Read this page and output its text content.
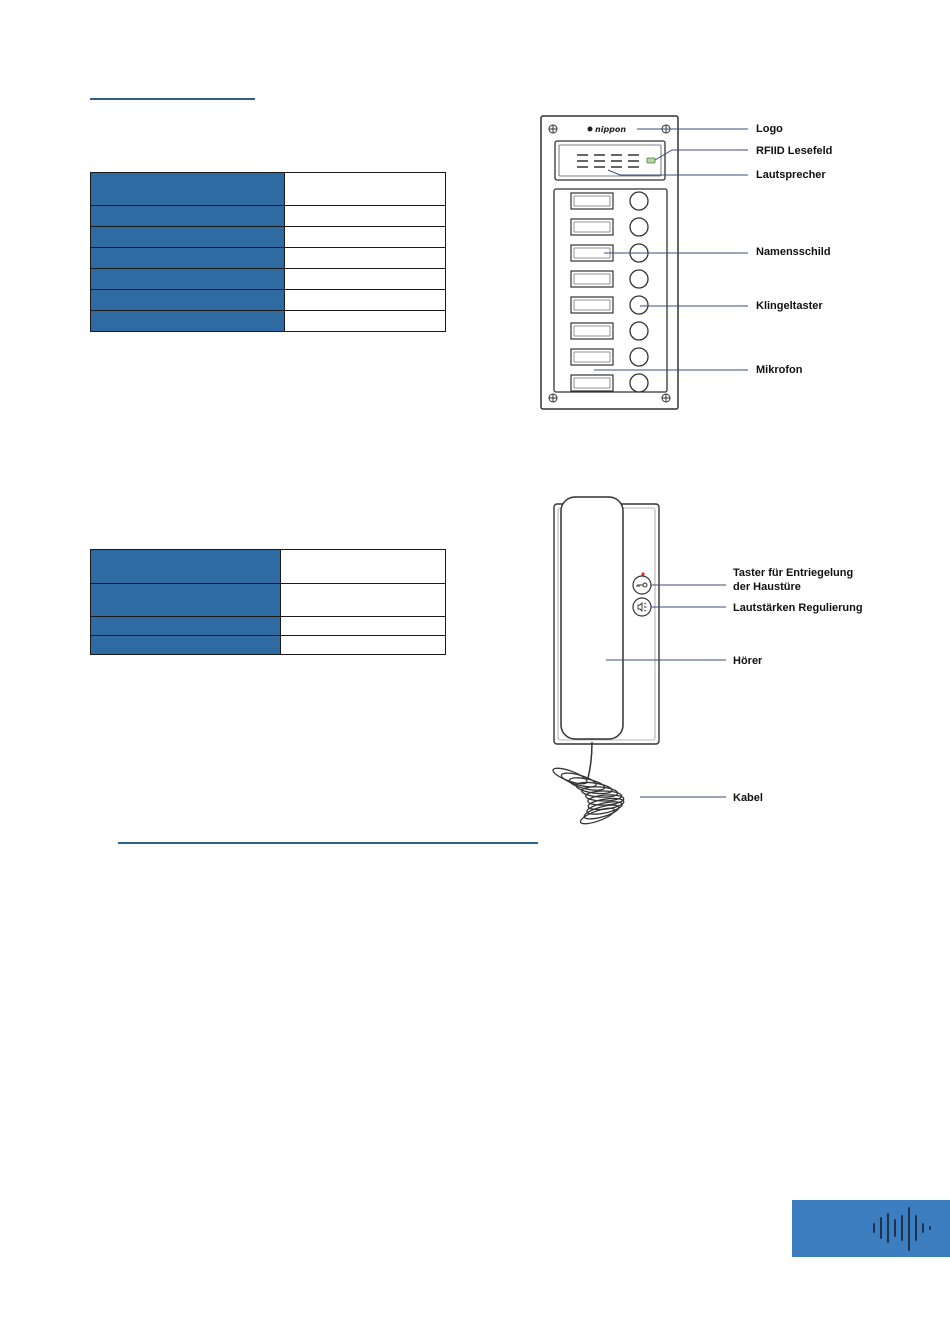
nippon	Logo
RFIID Lesefeld
Lautsprecher
Namensschild
Klingeltaster
Mikrofon
Taster für Entriegelung
der Haustüre
Lautstärken Regulierung
Hörer
Kabel
